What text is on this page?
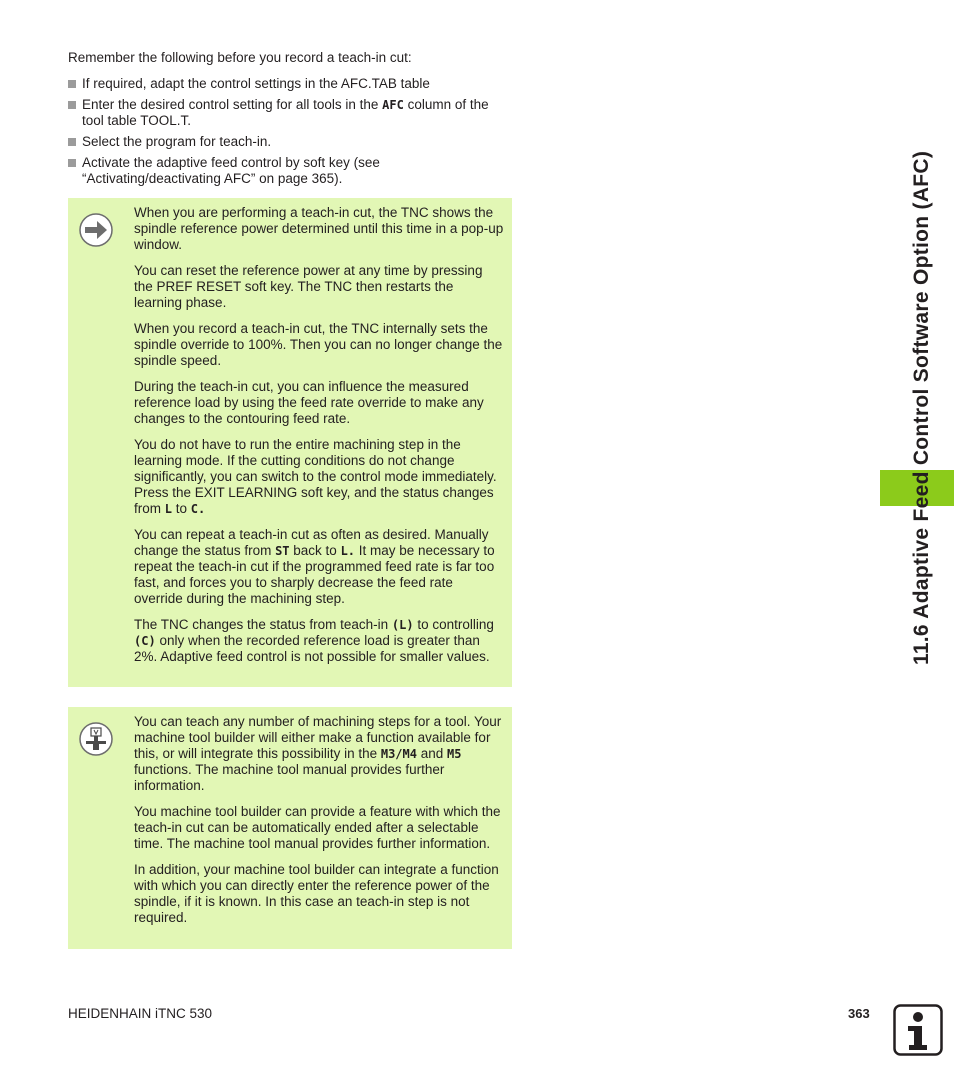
Remember the following before you record a teach-in cut:
If required, adapt the control settings in the AFC.TAB table
Enter the desired control setting for all tools in the AFC column of the tool table TOOL.T.
Select the program for teach-in.
Activate the adaptive feed control by soft key (see “Activating/deactivating AFC” on page 365).

When you are performing a teach-in cut, the TNC shows the spindle reference power determined until this time in a pop-up window.

You can reset the reference power at any time by pressing the PREF RESET soft key. The TNC then restarts the learning phase.

When you record a teach-in cut, the TNC internally sets the spindle override to 100%. Then you can no longer change the spindle speed.

During the teach-in cut, you can influence the measured reference load by using the feed rate override to make any changes to the contouring feed rate.

You do not have to run the entire machining step in the learning mode. If the cutting conditions do not change significantly, you can switch to the control mode immediately. Press the EXIT LEARNING soft key, and the status changes from L to C.

You can repeat a teach-in cut as often as desired. Manually change the status from ST back to L. It may be necessary to repeat the teach-in cut if the programmed feed rate is far too fast, and forces you to sharply decrease the feed rate override during the machining step.

The TNC changes the status from teach-in (L) to controlling (C) only when the recorded reference load is greater than 2%. Adaptive feed control is not possible for smaller values.

You can teach any number of machining steps for a tool. Your machine tool builder will either make a function available for this, or will integrate this possibility in the M3/M4 and M5 functions. The machine tool manual provides further information.

You machine tool builder can provide a feature with which the teach-in cut can be automatically ended after a selectable time. The machine tool manual provides further information.

In addition, your machine tool builder can integrate a function with which you can directly enter the reference power of the spindle, if it is known. In this case an teach-in step is not required.

11.6 Adaptive Feed Control Software Option (AFC)
HEIDENHAIN iTNC 530	363
